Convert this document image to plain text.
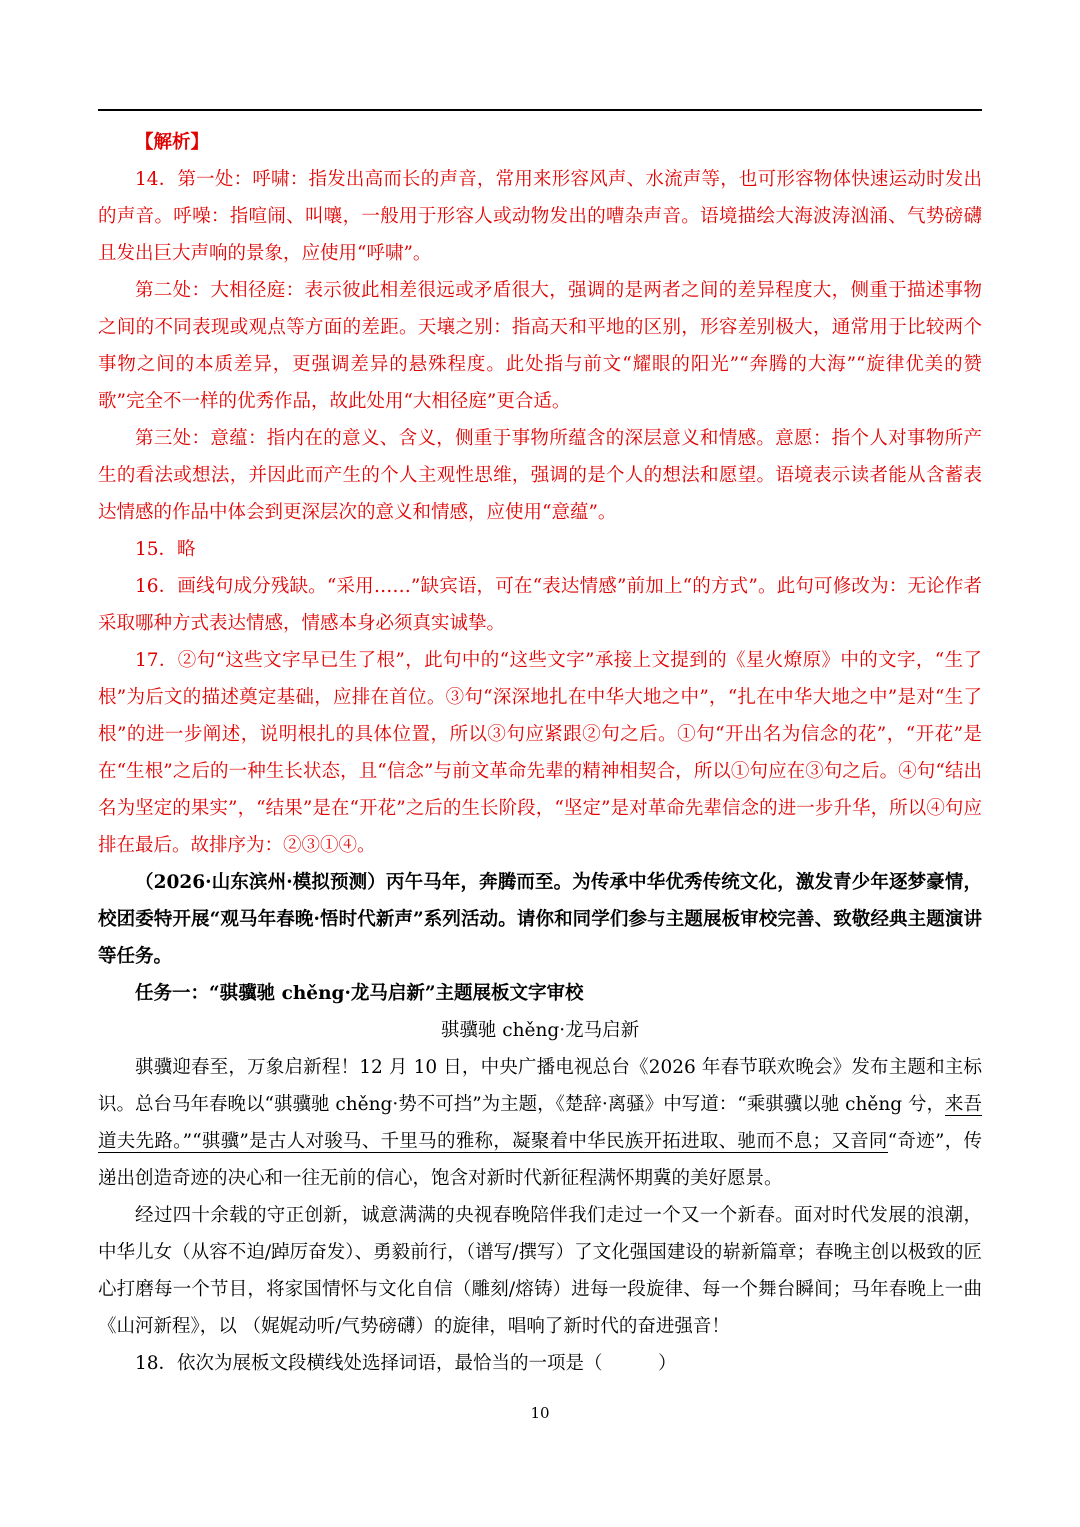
【解析】

14．第一处：呼啸：指发出高而长的声音，常用来形容风声、水流声等，也可形容物体快速运动时发出的声音。呼噪：指喧闹、叫嚷，一般用于形容人或动物发出的嘈杂声音。语境描绘大海波涛汹涌、气势磅礴且发出巨大声响的景象，应使用“呼啸”。

第二处：大相径庭：表示彼此相差很远或矛盾很大，强调的是两者之间的差异程度大，侧重于描述事物之间的不同表现或观点等方面的差距。天壤之别：指高天和平地的区别，形容差别极大，通常用于比较两个事物之间的本质差异，更强调差异的悬殊程度。此处指与前文“耀眼的阳光”“奔腾的大海”“旋律优美的赞歌”完全不一样的优秀作品，故此处用“大相径庭”更合适。

第三处：意蕴：指内在的意义、含义，侧重于事物所蕴含的深层意义和情感。意愿：指个人对事物所产生的看法或想法，并因此而产生的个人主观性思维，强调的是个人的想法和愿望。语境表示读者能从含蓄表达情感的作品中体会到更深层次的意义和情感，应使用“意蕴”。

15．略

16．画线句成分残缺。“采用……”缺宾语，可在“表达情感”前加上“的方式”。此句可修改为：无论作者采取哪种方式表达情感，情感本身必须真实诚挚。

17．②句“这些文字早已生了根”，此句中的“这些文字”承接上文提到的《星火燎原》中的文字，“生了根”为后文的描述奠定基础，应排在首位。③句“深深地扎在中华大地之中”，“扎在中华大地之中”是对“生了根”的进一步阐述，说明根扎的具体位置，所以③句应紧跟②句之后。①句“开出名为信念的花”，“开花”是在“生根”之后的一种生长状态，且“信念”与前文革命先辈的精神相契合，所以①句应在③句之后。④句“结出名为坚定的果实”，“结果”是在“开花”之后的生长阶段，“坚定”是对革命先辈信念的进一步升华，所以④句应排在最后。故排序为：②③①④。

（2026·山东滨州·模拟预测）丙午马年，奔腾而至。为传承中华优秀传统文化，激发青少年逐梦豪情，校团委特开展“观马年春晚·悟时代新声”系列活动。请你和同学们参与主题展板审校完善、致敬经典主题演讲等任务。

任务一：“骐骥驰 chěng·龙马启新”主题展板文字审校

骐骥驰 chěng·龙马启新

骐骥迎春至，万象启新程！12 月 10 日，中央广播电视总台《2026 年春节联欢晚会》发布主题和主标识。总台马年春晚以“骐骥驰 chěng·势不可挡”为主题，《楚辞·离骚》中写道：“乘骐骥以驰 chěng 兮，来吾道夫先路。”“骐骥”是古人对骏马、千里马的雅称，凝聚着中华民族开拓进取、驰而不息；又音同“奇迹”，传递出创造奇迹的决心和一往无前的信心，饱含对新时代新征程满怀期冀的美好愿景。

经过四十余载的守正创新，诚意满满的央视春晚陪伴我们走过一个又一个新春。面对时代发展的浪潮，中华儿女（从容不迫/踔厉奋发）、勇毅前行，（谱写/撰写）了文化强国建设的崭新篇章；春晚主创以极致的匠心打磨每一个节目，将家国情怀与文化自信（雕刻/熔铸）进每一段旋律、每一个舞台瞬间；马年春晚上一曲《山河新程》，以 （娓娓动听/气势磅礴）的旋律，唱响了新时代的奋进强音！

18．依次为展板文段横线处选择词语，最恰当的一项是（　　　）

10
